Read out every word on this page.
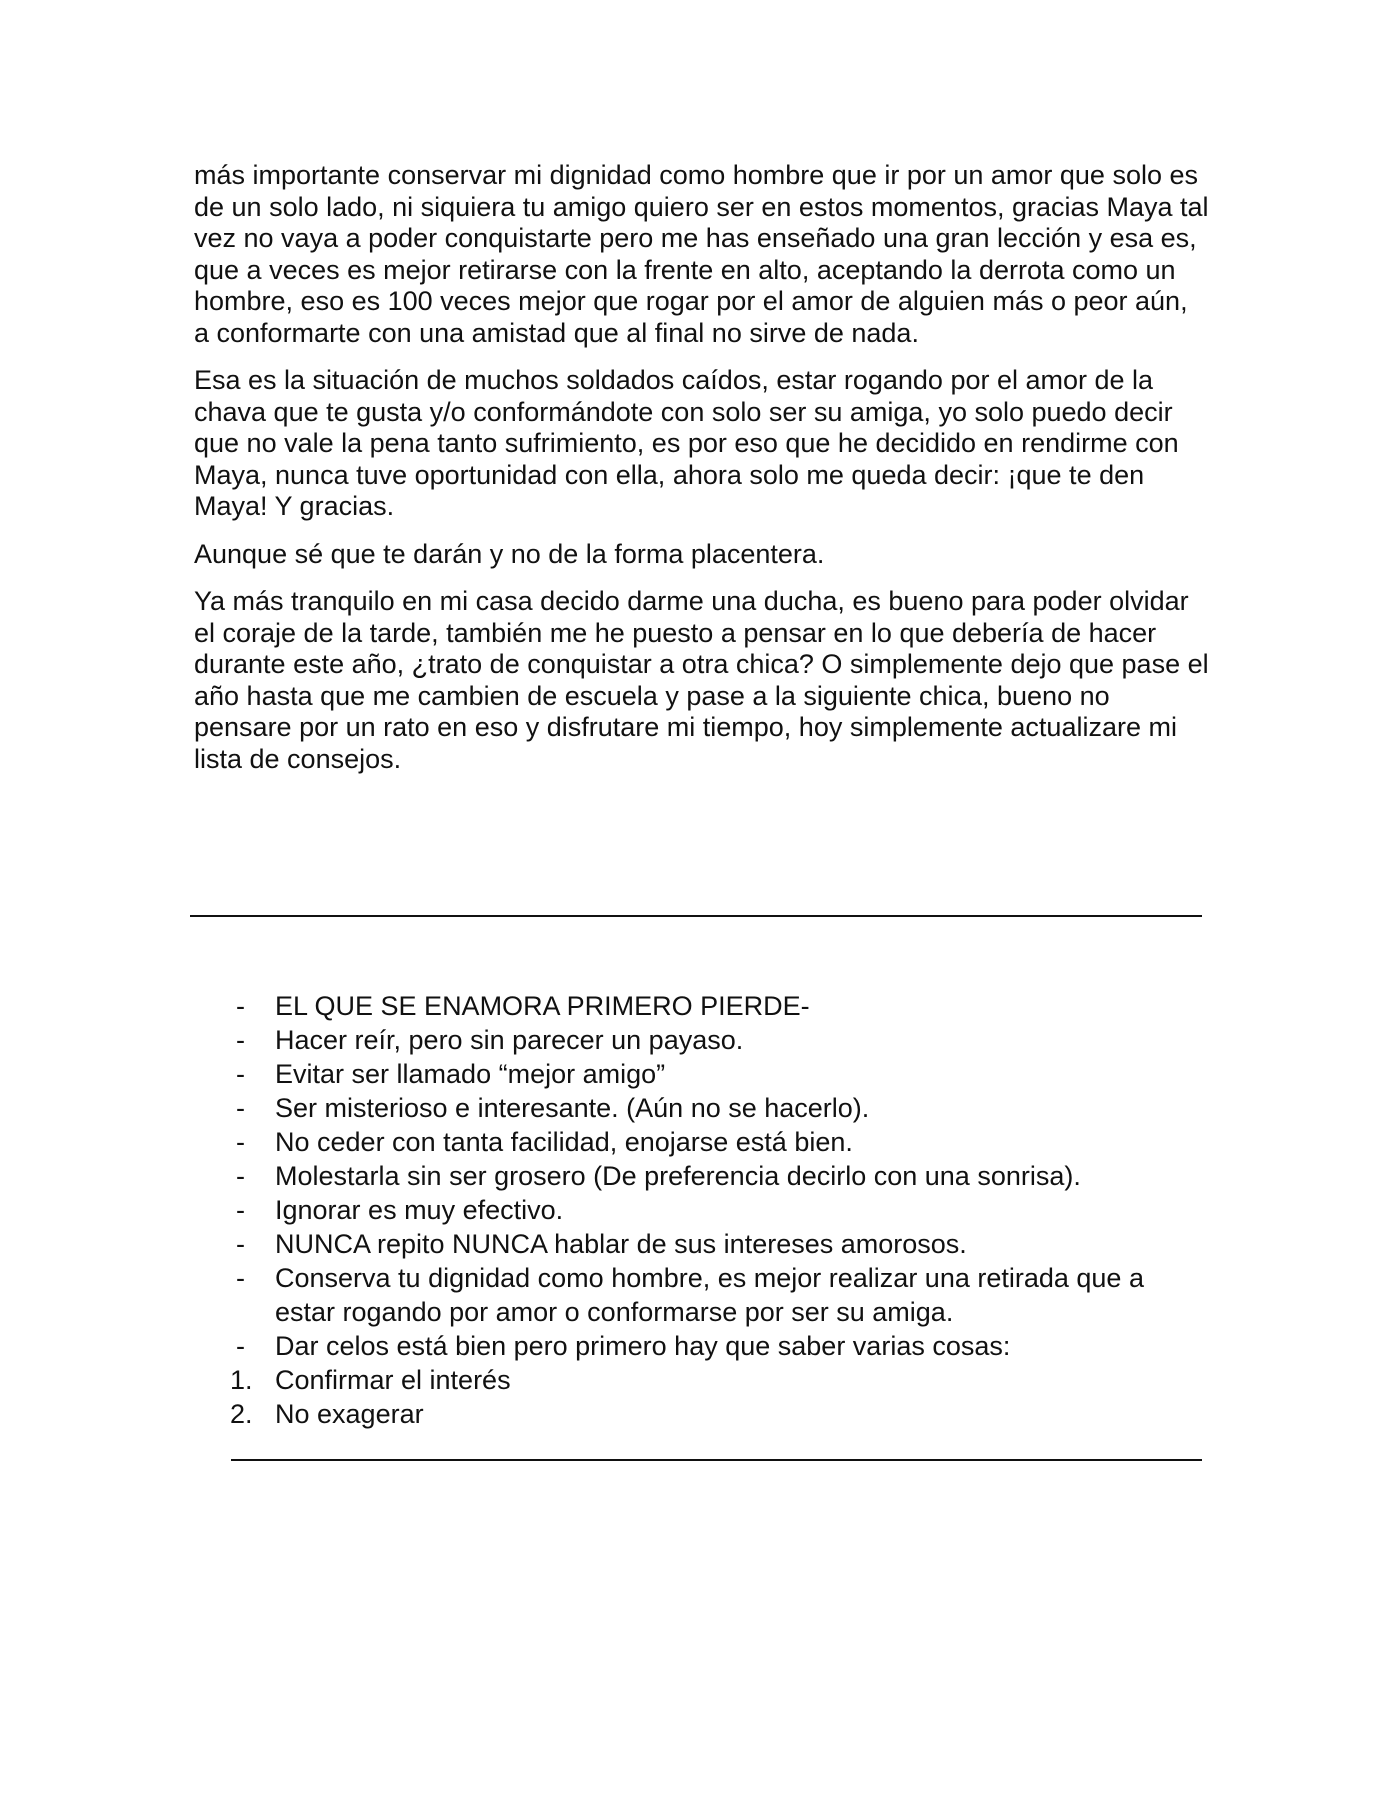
más importante conservar mi dignidad como hombre que ir por un amor que solo es de un solo lado, ni siquiera tu amigo quiero ser en estos momentos, gracias Maya tal vez no vaya a poder conquistarte pero me has enseñado una gran lección y esa es, que a veces es mejor retirarse con la frente en alto, aceptando la derrota como un hombre, eso es 100 veces mejor que rogar por el amor de alguien más o peor aún, a conformarte con una amistad que al final no sirve de nada.

Esa es la situación de muchos soldados caídos, estar rogando por el amor de la chava que te gusta y/o conformándote con solo ser su amiga, yo solo puedo decir que no vale la pena tanto sufrimiento, es por eso que he decidido en rendirme con Maya, nunca tuve oportunidad con ella, ahora solo me queda decir: ¡que te den Maya! Y gracias.

Aunque sé que te darán y no de la forma placentera.

Ya más tranquilo en mi casa decido darme una ducha, es bueno para poder olvidar el coraje de la tarde, también me he puesto a pensar en lo que debería de hacer durante este año, ¿trato de conquistar a otra chica? O simplemente dejo que pase el año hasta que me cambien de escuela y pase a la siguiente chica, bueno no pensare por un rato en eso y disfrutare mi tiempo, hoy simplemente actualizare mi lista de consejos.

-	EL QUE SE ENAMORA PRIMERO PIERDE-
-	Hacer reír, pero sin parecer un payaso.
-	Evitar ser llamado “mejor amigo”
-	Ser misterioso e interesante. (Aún no se hacerlo).
-	No ceder con tanta facilidad, enojarse está bien.
-	Molestarla sin ser grosero (De preferencia decirlo con una sonrisa).
-	Ignorar es muy efectivo.
-	NUNCA repito NUNCA hablar de sus intereses amorosos.
-	Conserva tu dignidad como hombre, es mejor realizar una retirada que a estar rogando por amor o conformarse por ser su amiga.
-	Dar celos está bien pero primero hay que saber varias cosas:
1. Confirmar el interés
2. No exagerar
